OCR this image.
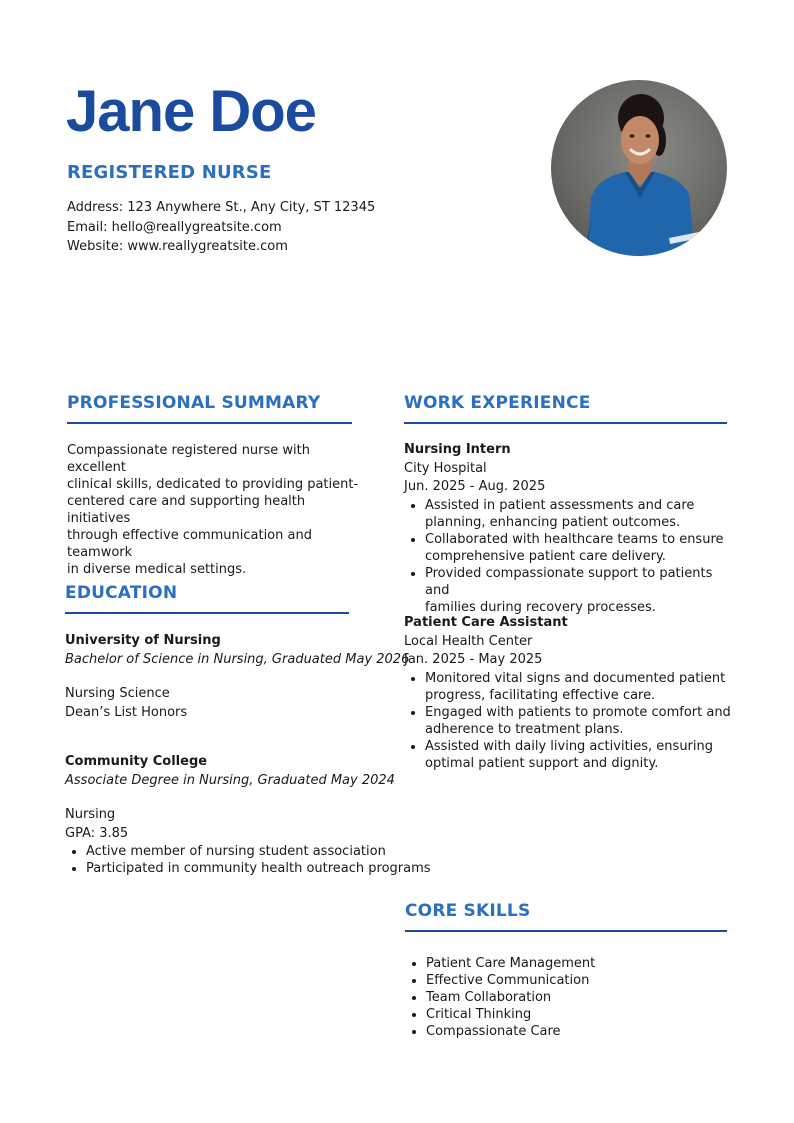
Jane Doe
REGISTERED NURSE
Address: 123 Anywhere St., Any City, ST 12345
Email: hello@reallygreatsite.com
Website: www.reallygreatsite.com
PROFESSIONAL SUMMARY
Compassionate registered nurse with excellent
clinical skills, dedicated to providing patient-
centered care and supporting health initiatives
through effective communication and teamwork
in diverse medical settings.
EDUCATION
University of Nursing
Bachelor of Science in Nursing, Graduated May 2026
Nursing Science
Dean’s List Honors
Community College
Associate Degree in Nursing, Graduated May 2024
Nursing
GPA: 3.85
• Active member of nursing student association
• Participated in community health outreach programs
WORK EXPERIENCE
Nursing Intern
City Hospital
Jun. 2025 - Aug. 2025
• Assisted in patient assessments and care
planning, enhancing patient outcomes.
• Collaborated with healthcare teams to ensure
comprehensive patient care delivery.
• Provided compassionate support to patients and
families during recovery processes.
Patient Care Assistant
Local Health Center
Jan. 2025 - May 2025
• Monitored vital signs and documented patient
progress, facilitating effective care.
• Engaged with patients to promote comfort and
adherence to treatment plans.
• Assisted with daily living activities, ensuring
optimal patient support and dignity.
CORE SKILLS
• Patient Care Management
• Effective Communication
• Team Collaboration
• Critical Thinking
• Compassionate Care
